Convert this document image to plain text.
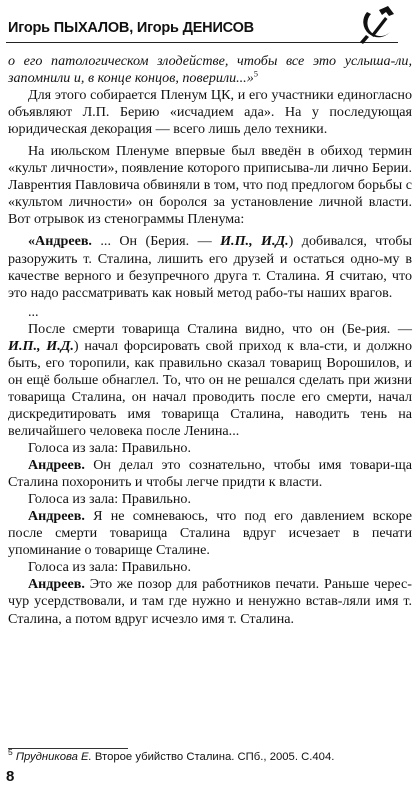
Игорь ПЫХАЛОВ, Игорь ДЕНИСОВ

о его патологическом злодействе, чтобы все это услыша-ли, запомнили и, в конце концов, поверили...»$^5$

Для этого собирается Пленум ЦК, и его участники единогласно объявляют Л.П. Берию «исчадием ада». На у последующая юридическая декорация — всего лишь дело техники.

На июльском Пленуме впервые был введён в обиход термин «культ личности», появление которого приписыва-ли лично Берии. Лаврентия Павловича обвиняли в том, что под предлогом борьбы с «культом личности» он боролся за установление личной власти. Вот отрывок из стенограммы Пленума:

«Андреев. ... Он (Берия. — И.П., И.Д.) добивался, чтобы разоружить т. Сталина, лишить его друзей и остаться одно-му в качестве верного и безупречного друга т. Сталина. Я считаю, что это надо рассматривать как новый метод рабо-ты наших врагов.

...

После смерти товарища Сталина видно, что он (Бе-рия. — И.П., И.Д.) начал форсировать свой приход к вла-сти, и должно быть, его торопили, как правильно сказал товарищ Ворошилов, и он ещё больше обнаглел. То, что он не решался сделать при жизни товарища Сталина, он начал проводить после его смерти, начал дискредитировать имя товарища Сталина, наводить тень на величайшего человека после Ленина...

Голоса из зала: Правильно.

Андреев. Он делал это сознательно, чтобы имя товари-ща Сталина похоронить и чтобы легче придти к власти.

Голоса из зала: Правильно.

Андреев. Я не сомневаюсь, что под его давлением вскоре после смерти товарища Сталина вдруг исчезает в печати упоминание о товарище Сталине.

Голоса из зала: Правильно.

Андреев. Это же позор для работников печати. Раньше черес-чур усердствовали, и там где нужно и ненужно встав-ляли имя т. Сталина, а потом вдруг исчезло имя т. Сталина.

$^5$ Прудникова Е. Второе убийство Сталина. СПб., 2005. С.404.
8
